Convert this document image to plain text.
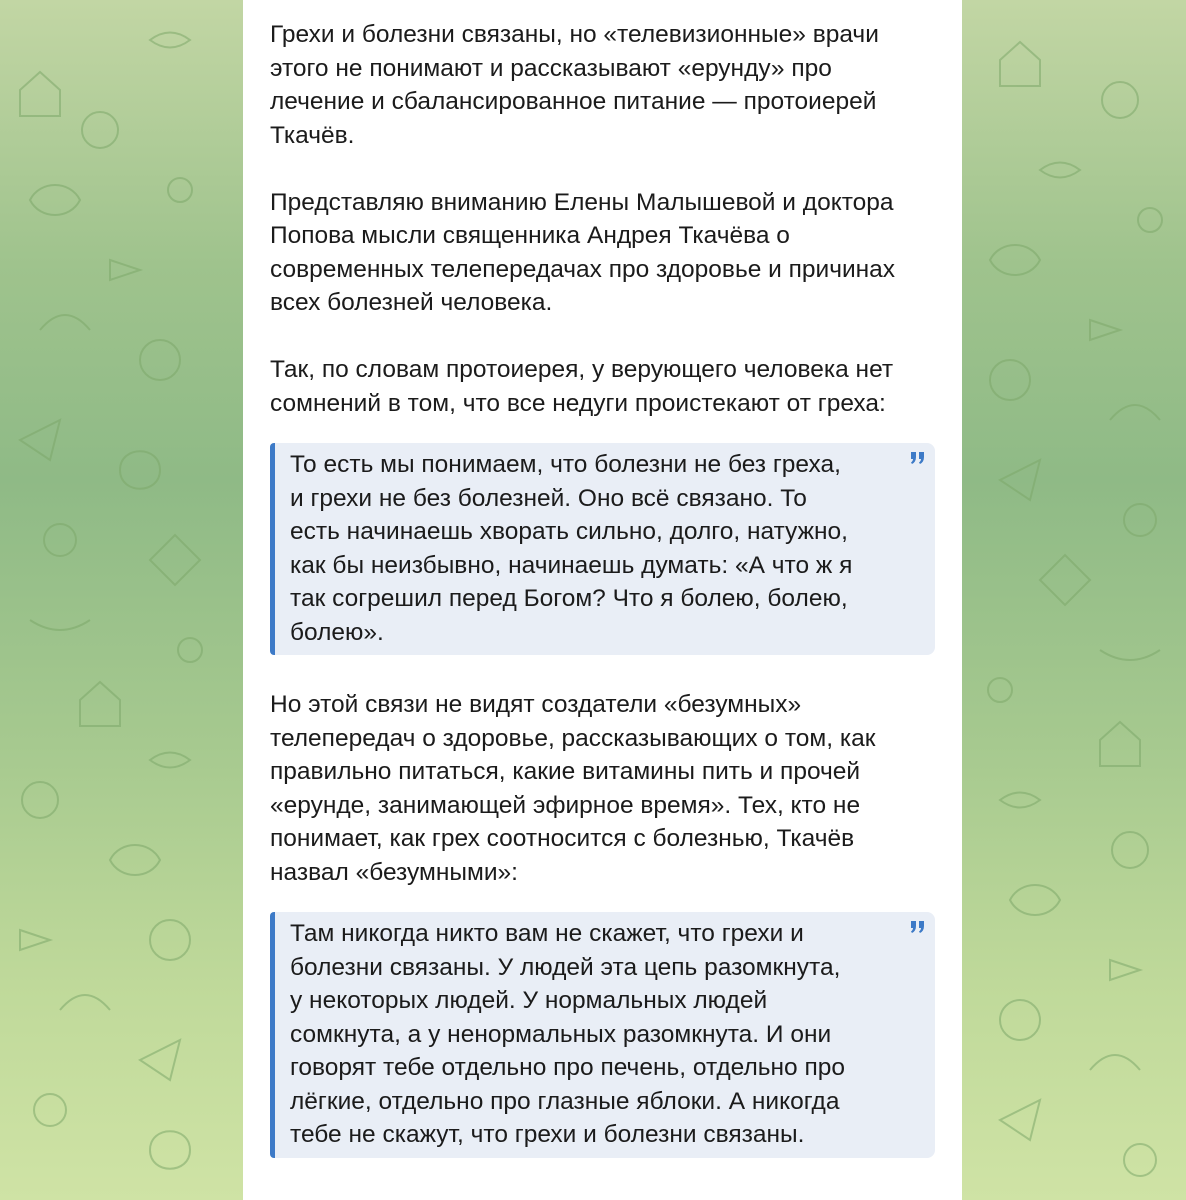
Грехи и болезни связаны, но «телевизионные» врачи
этого не понимают и рассказывают «ерунду» про
лечение и сбалансированное питание — протоиерей
Ткачёв.

Представляю вниманию Елены Малышевой и доктора
Попова мысли священника Андрея Ткачёва о
современных телепередачах про здоровье и причинах
всех болезней человека.

Так, по словам протоиерея, у верующего человека нет
сомнений в том, что все недуги проистекают от греха:

То есть мы понимаем, что болезни не без греха,
и грехи не без болезней. Оно всё связано. То
есть начинаешь хворать сильно, долго, натужно,
как бы неизбывно, начинаешь думать: «А что ж я
так согрешил перед Богом? Что я болею, болею,
болею».

Но этой связи не видят создатели «безумных»
телепередач о здоровье, рассказывающих о том, как
правильно питаться, какие витамины пить и прочей
«ерунде, занимающей эфирное время». Тех, кто не
понимает, как грех соотносится с болезнью, Ткачёв
назвал «безумными»:

Там никогда никто вам не скажет, что грехи и
болезни связаны. У людей эта цепь разомкнута,
у некоторых людей. У нормальных людей
сомкнута, а у ненормальных разомкнута. И они
говорят тебе отдельно про печень, отдельно про
лёгкие, отдельно про глазные яблоки. А никогда
тебе не скажут, что грехи и болезни связаны.
